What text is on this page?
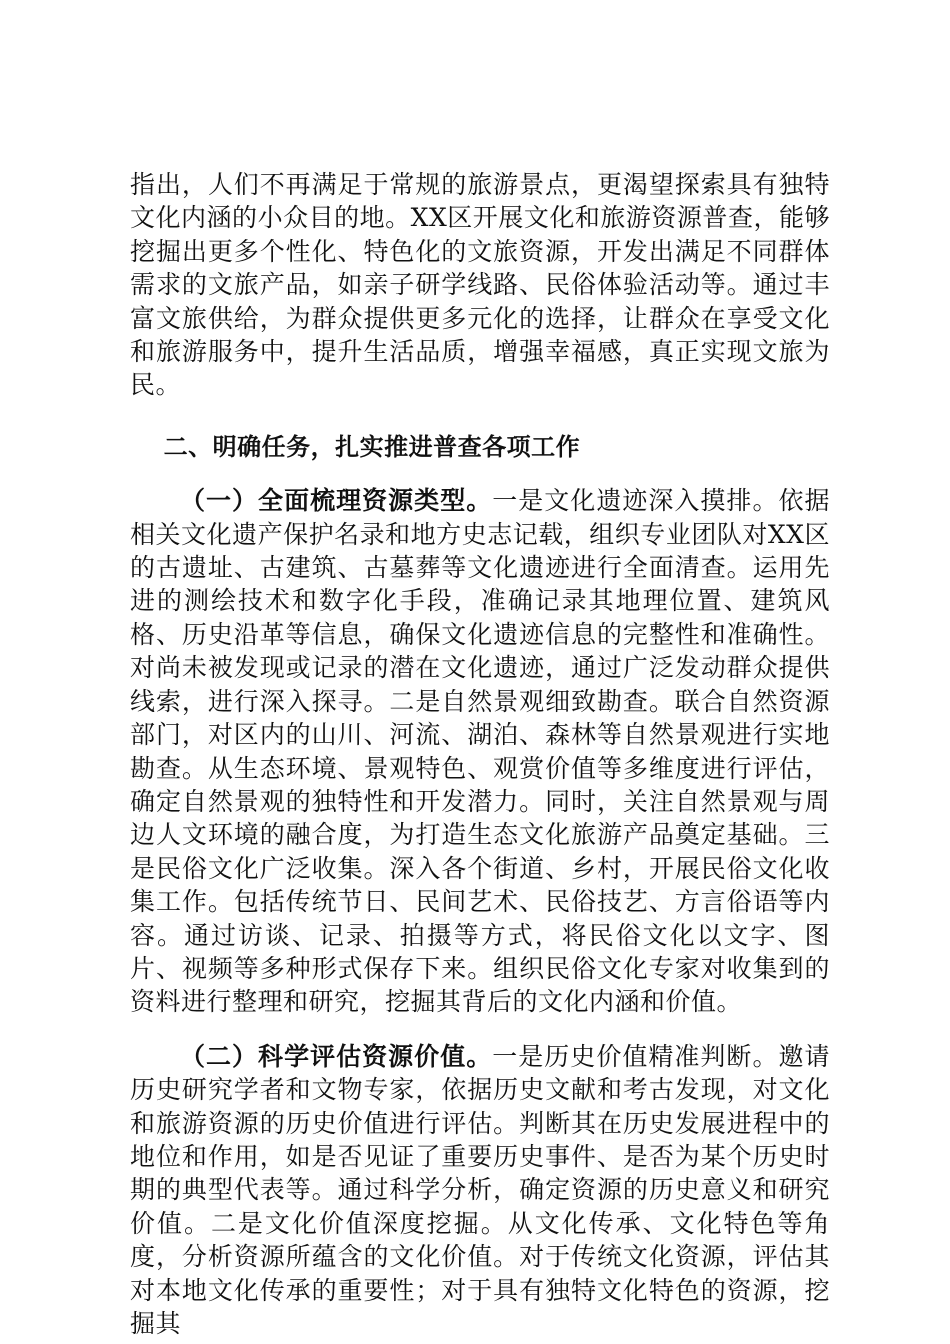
指出，人们不再满足于常规的旅游景点，更渴望探索具有独特文化内涵的小众目的地。XX区开展文化和旅游资源普查，能够挖掘出更多个性化、特色化的文旅资源，开发出满足不同群体需求的文旅产品，如亲子研学线路、民俗体验活动等。通过丰富文旅供给，为群众提供更多元化的选择，让群众在享受文化和旅游服务中，提升生活品质，增强幸福感，真正实现文旅为民。

二、明确任务，扎实推进普查各项工作

（一）全面梳理资源类型。一是文化遗迹深入摸排。依据相关文化遗产保护名录和地方史志记载，组织专业团队对XX区的古遗址、古建筑、古墓葬等文化遗迹进行全面清查。运用先进的测绘技术和数字化手段，准确记录其地理位置、建筑风格、历史沿革等信息，确保文化遗迹信息的完整性和准确性。对尚未被发现或记录的潜在文化遗迹，通过广泛发动群众提供线索，进行深入探寻。二是自然景观细致勘查。联合自然资源部门，对区内的山川、河流、湖泊、森林等自然景观进行实地勘查。从生态环境、景观特色、观赏价值等多维度进行评估，确定自然景观的独特性和开发潜力。同时，关注自然景观与周边人文环境的融合度，为打造生态文化旅游产品奠定基础。三是民俗文化广泛收集。深入各个街道、乡村，开展民俗文化收集工作。包括传统节日、民间艺术、民俗技艺、方言俗语等内容。通过访谈、记录、拍摄等方式，将民俗文化以文字、图片、视频等多种形式保存下来。组织民俗文化专家对收集到的资料进行整理和研究，挖掘其背后的文化内涵和价值。

（二）科学评估资源价值。一是历史价值精准判断。邀请历史研究学者和文物专家，依据历史文献和考古发现，对文化和旅游资源的历史价值进行评估。判断其在历史发展进程中的地位和作用，如是否见证了重要历史事件、是否为某个历史时期的典型代表等。通过科学分析，确定资源的历史意义和研究价值。二是文化价值深度挖掘。从文化传承、文化特色等角度，分析资源所蕴含的文化价值。对于传统文化资源，评估其对本地文化传承的重要性；对于具有独特文化特色的资源，挖掘其
